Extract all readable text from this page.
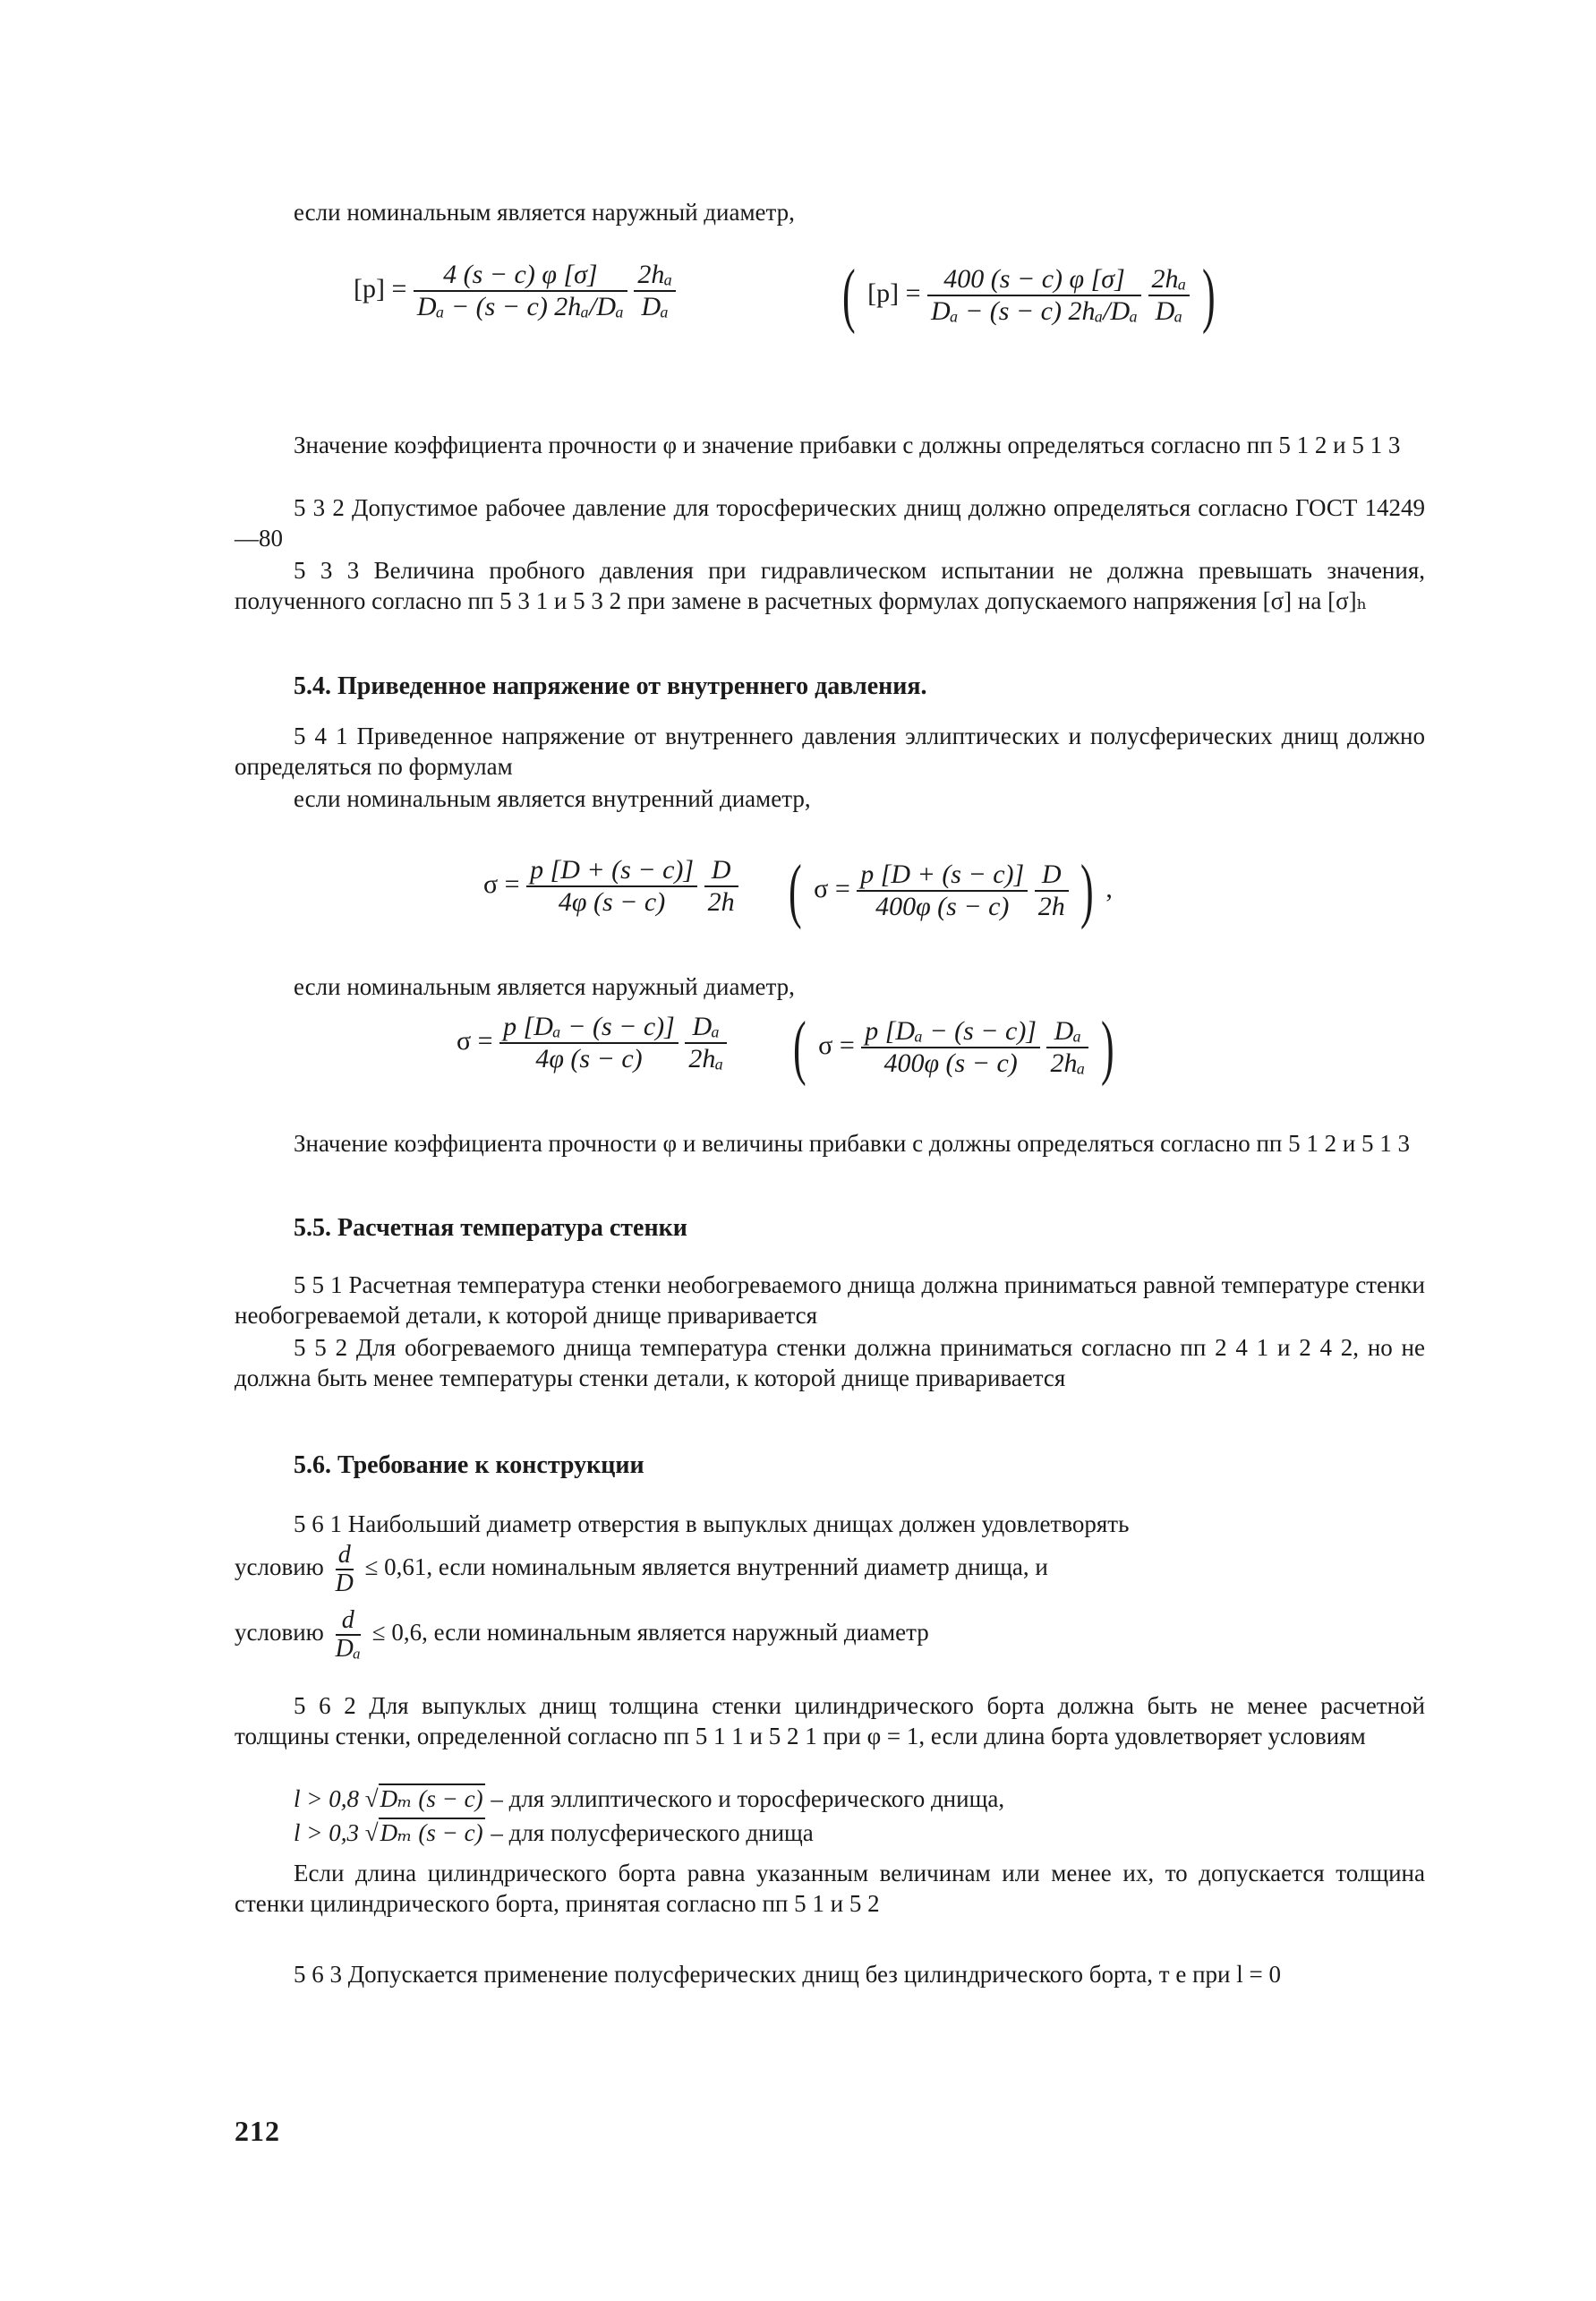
если номинальным является наружный диаметр,

$[p] = \frac{4 (s - c) \varphi [\sigma]}{\text{Dₐ − (s − c) 2hₐ/Dₐ}}$
$\frac{\text{2hₐ}}{\text{Dₐ}}$ ( $[p] = \frac{400 (s - c) \varphi [\sigma]}{\text{Dₐ − (s − c) 2hₐ/Dₐ}}$
$\frac{\text{2hₐ}}{\text{Dₐ}}$ )

Значение коэффициента прочности φ и значение прибавки с должны определяться согласно пп 5 1 2 и 5 1 3

5 3 2 Допустимое рабочее давление для торосферических днищ должно определяться согласно ГОСТ 14249—80

5 3 3 Величина пробного давления при гидравлическом испытании не должна превышать значения, полученного согласно пп 5 3 1 и 5 3 2 при замене в расчетных формулах допускаемого напряжения [σ] на [σ]ₕ

5.4. Приведенное напряжение от внутреннего давления.

5 4 1 Приведенное напряжение от внутреннего давления эллиптических и полусферических днищ должно определяться по формулам

если номинальным является внутренний диаметр,

$\sigma = \frac{p [D + (s - c)]}{4\varphi (s - c)}$
$\frac{D}{2h}$ ( $\sigma = \frac{p [D + (s - c)]}{400\varphi (s - c)}$
$\frac{D}{2h}$ ) ,

если номинальным является наружный диаметр,

$\sigma = \frac{\text{p [Dₐ − (s − c)]}}{4\varphi (s - c)}$
$\frac{\text{Dₐ}}{\text{2hₐ}}$ ( $\sigma = \frac{\text{p [Dₐ − (s − c)]}}{400\varphi (s - c)}$
$\frac{\text{Dₐ}}{\text{2hₐ}}$ )

Значение коэффициента прочности φ и величины прибавки с должны определяться согласно пп 5 1 2 и 5 1 3

5.5. Расчетная температура стенки

5 5 1 Расчетная температура стенки необогреваемого днища должна приниматься равной температуре стенки необогреваемой детали, к которой днище приваривается

5 5 2 Для обогреваемого днища температура стенки должна приниматься согласно пп 2 4 1 и 2 4 2, но не должна быть менее температуры стенки детали, к которой днище приваривается

5.6. Требование к конструкции

5 6 1 Наибольший диаметр отверстия в выпуклых днищах должен удовлетворять

условию $\frac{d}{D} \le 0,61$, если номинальным является внутренний диаметр днища, и
условию $\frac{d}{\text{Dₐ}} \le 0,6$, если номинальным является наружный диаметр

5 6 2 Для выпуклых днищ толщина стенки цилиндрического борта должна быть не менее расчетной толщины стенки, определенной согласно пп 5 1 1 и 5 2 1 при φ = 1, если длина борта удовлетворяет условиям

l > 0,8 √Dₘ (s − c) – для эллиптического и торосферического днища,
l > 0,3 √Dₘ (s − c) – для полусферического днища

Если длина цилиндрического борта равна указанным величинам или менее их, то допускается толщина стенки цилиндрического борта, принятая согласно пп 5 1 и 5 2

5 6 3 Допускается применение полусферических днищ без цилиндрического борта, т е при l = 0

212
